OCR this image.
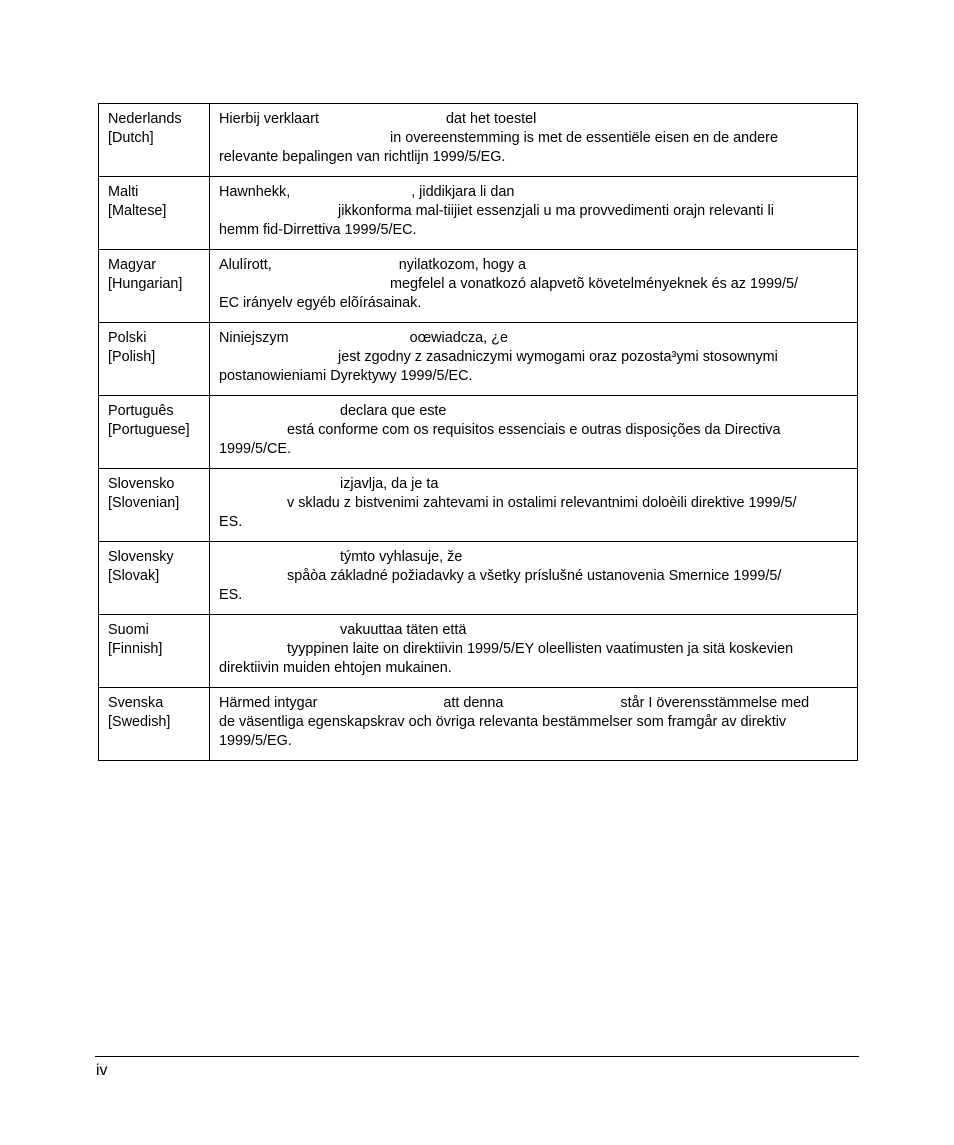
Nederlands
[Dutch]	Hierbij verklaart dat het toestel
in overeenstemming is met de essentiële eisen en de andere
relevante bepalingen van richtlijn 1999/5/EG.

Malti
[Maltese]	Hawnhekk, , jiddikjara li dan
jikkonforma mal-tiijiet essenzjali u ma provvedimenti orajn relevanti li
hemm fid-Dirrettiva 1999/5/EC.

Magyar
[Hungarian]	Alulírott, nyilatkozom, hogy a
megfelel a vonatkozó alapvetõ követelményeknek és az 1999/5/
EC irányelv egyéb elõírásainak.

Polski
[Polish]	Niniejszym oœwiadcza, ¿e
jest zgodny z zasadniczymi wymogami oraz pozosta³ymi stosownymi
postanowieniami Dyrektywy 1999/5/EC.

Português
[Portuguese]	declara que este
está conforme com os requisitos essenciais e outras disposições da Directiva
1999/5/CE.

Slovensko
[Slovenian]	izjavlja, da je ta
v skladu z bistvenimi zahtevami in ostalimi relevantnimi doloèili direktive 1999/5/
ES.

Slovensky
[Slovak]	týmto vyhlasuje, že
spåòa základné požiadavky a všetky príslušné ustanovenia Smernice 1999/5/
ES.

Suomi
[Finnish]	vakuuttaa täten että
tyyppinen laite on direktiivin 1999/5/EY oleellisten vaatimusten ja sitä koskevien
direktiivin muiden ehtojen mukainen.

Svenska
[Swedish]	Härmed intygar att denna står I överensstämmelse med
de väsentliga egenskapskrav och övriga relevanta bestämmelser som framgår av direktiv
1999/5/EG.
iv
